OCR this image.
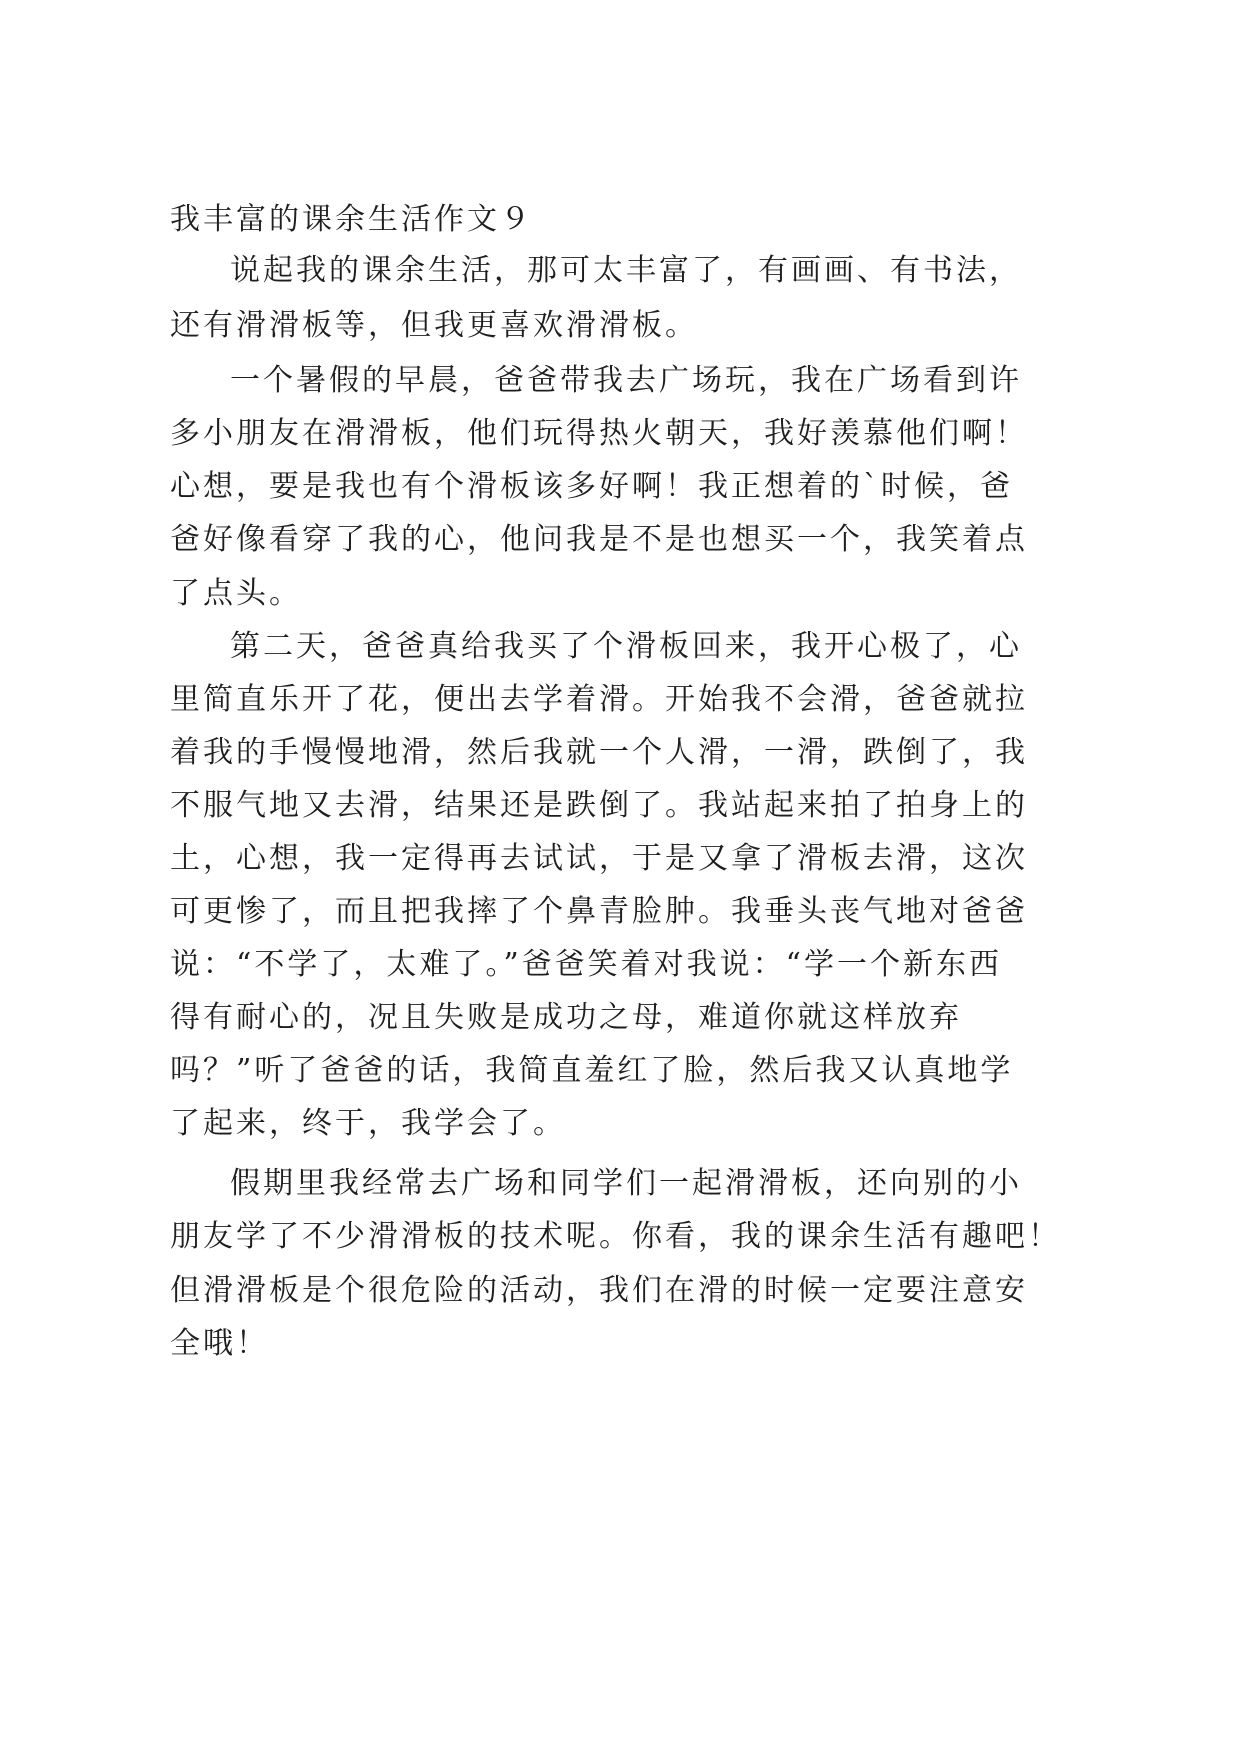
我丰富的课余生活作文９
说起我的课余生活，那可太丰富了，有画画、有书法，
还有滑滑板等，但我更喜欢滑滑板。
一个暑假的早晨，爸爸带我去广场玩，我在广场看到许
多小朋友在滑滑板，他们玩得热火朝天，我好羡慕他们啊！
心想，要是我也有个滑板该多好啊！我正想着的`时候，爸
爸好像看穿了我的心，他问我是不是也想买一个，我笑着点
了点头。
第二天，爸爸真给我买了个滑板回来，我开心极了，心
里简直乐开了花，便出去学着滑。开始我不会滑，爸爸就拉
着我的手慢慢地滑，然后我就一个人滑，一滑，跌倒了，我
不服气地又去滑，结果还是跌倒了。我站起来拍了拍身上的
土，心想，我一定得再去试试，于是又拿了滑板去滑，这次
可更惨了，而且把我摔了个鼻青脸肿。我垂头丧气地对爸爸
说：“不学了，太难了。”爸爸笑着对我说：“学一个新东西
得有耐心的，况且失败是成功之母，难道你就这样放弃
吗？”听了爸爸的话，我简直羞红了脸，然后我又认真地学
了起来，终于，我学会了。
假期里我经常去广场和同学们一起滑滑板，还向别的小
朋友学了不少滑滑板的技术呢。你看，我的课余生活有趣吧！
但滑滑板是个很危险的活动，我们在滑的时候一定要注意安
全哦！
